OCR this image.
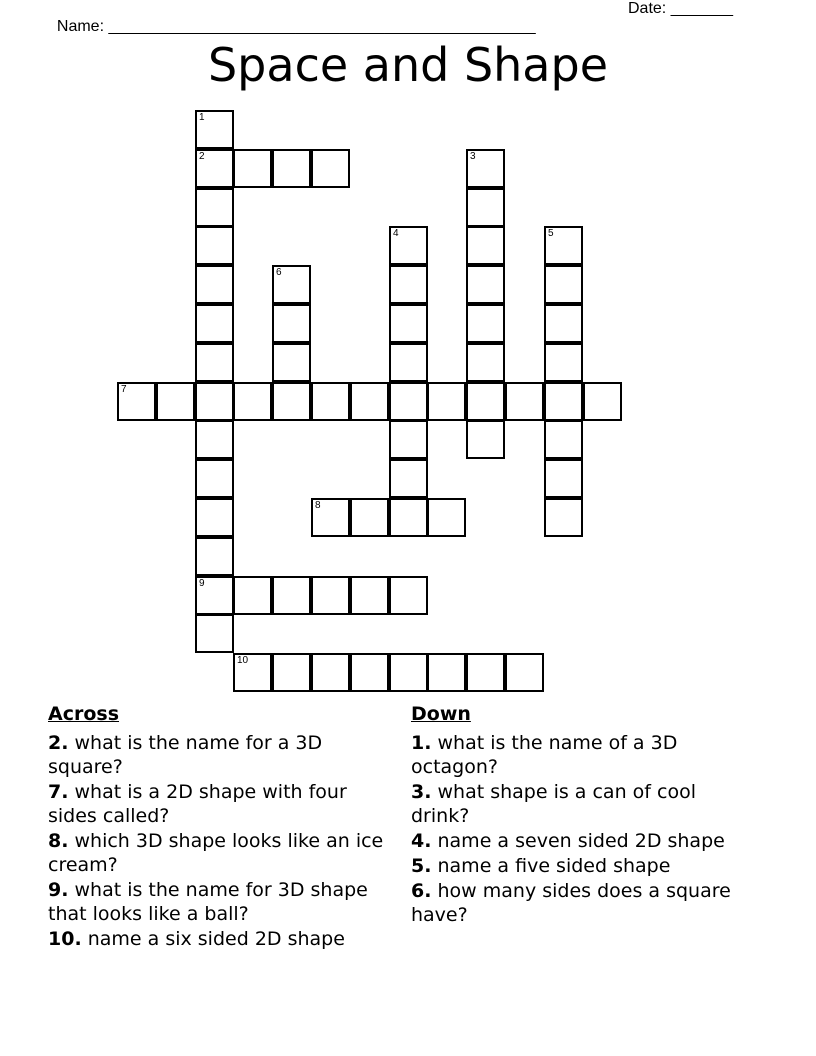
Name: ________________________________________________

Date: _______

Space and Shape
1
2	3
4	5
6
7
8
9
10
Across
2. what is the name for a 3D square?
7. what is a 2D shape with four sides called?
8. which 3D shape looks like an ice cream?
9. what is the name for 3D shape that looks like a ball?
10. name a six sided 2D shape
Down
1. what is the name of a 3D octagon?
3. what shape is a can of cool drink?
4. name a seven sided 2D shape
5. name a five sided shape
6. how many sides does a square have?
